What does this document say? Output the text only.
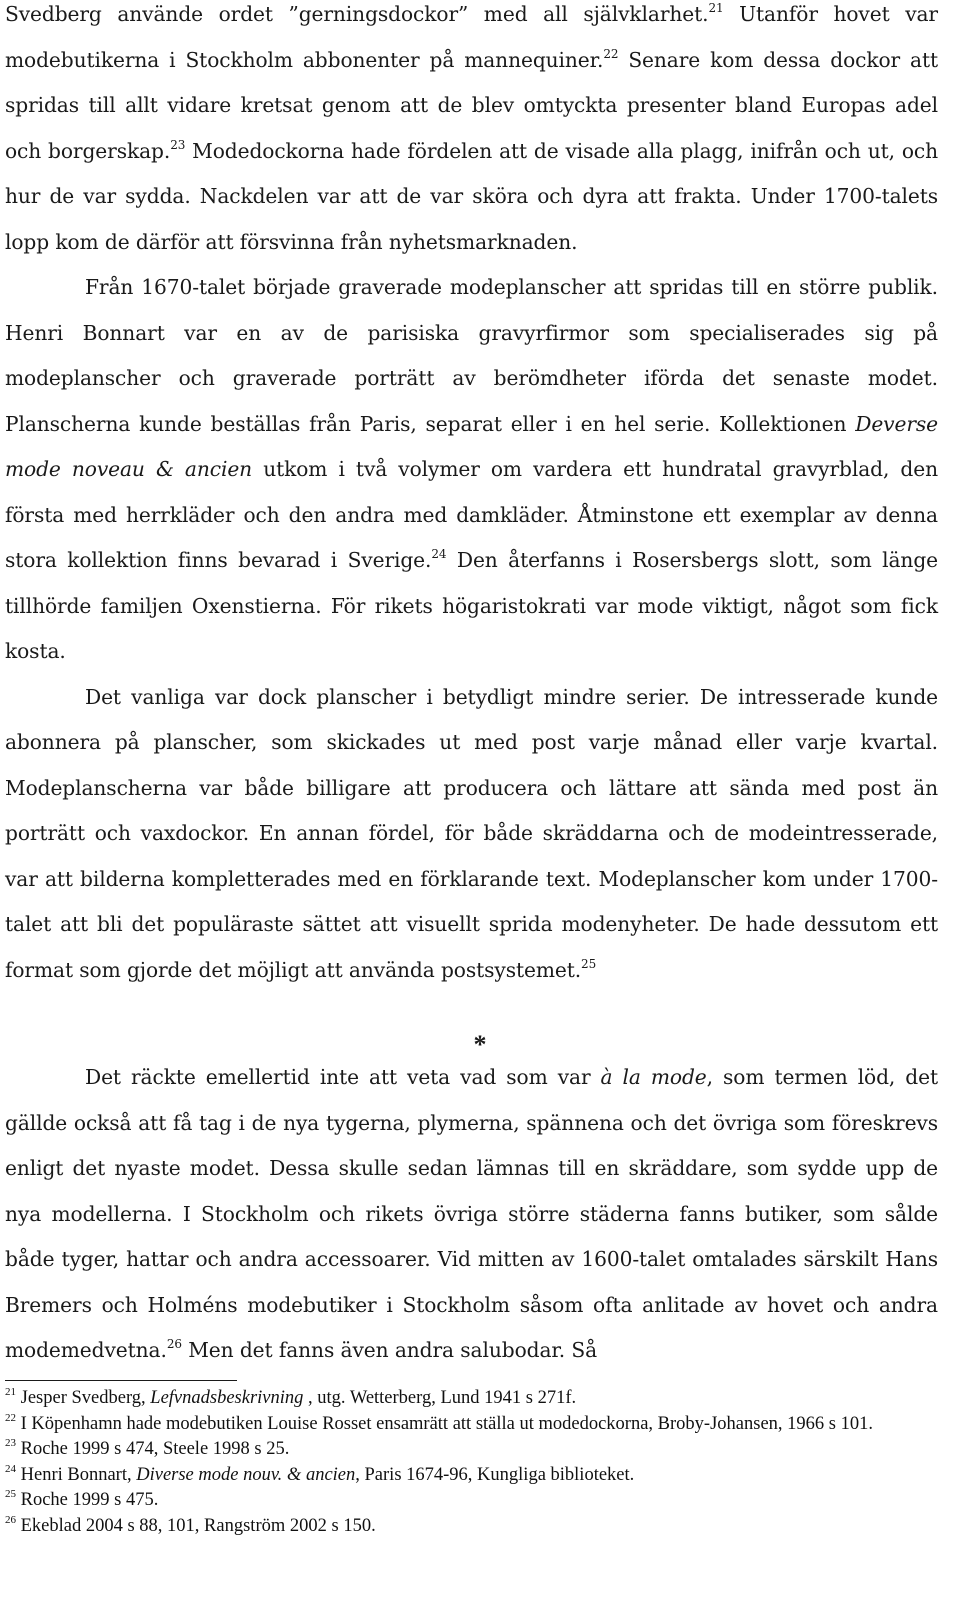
Svedberg använde ordet ”gerningsdockor” med all självklarhet.$^{21}$ Utanför hovet var modebutikerna i Stockholm abbonenter på mannequiner.$^{22}$ Senare kom dessa dockor att spridas till allt vidare kretsat genom att de blev omtyckta presenter bland Europas adel och borgerskap.$^{23}$ Modedockorna hade fördelen att de visade alla plagg, inifrån och ut, och hur de var sydda. Nackdelen var att de var sköra och dyra att frakta. Under 1700-talets lopp kom de därför att försvinna från nyhetsmarknaden.

Från 1670-talet började graverade modeplanscher att spridas till en större publik. Henri Bonnart var en av de parisiska gravyrfirmor som specialiserades sig på modeplanscher och graverade porträtt av berömdheter iförda det senaste modet. Planscherna kunde beställas från Paris, separat eller i en hel serie. Kollektionen Deverse mode noveau & ancien utkom i två volymer om vardera ett hundratal gravyrblad, den första med herrkläder och den andra med damkläder. Åtminstone ett exemplar av denna stora kollektion finns bevarad i Sverige.$^{24}$ Den återfanns i Rosersbergs slott, som länge tillhörde familjen Oxenstierna. För rikets högaristokrati var mode viktigt, något som fick kosta.

Det vanliga var dock planscher i betydligt mindre serier. De intresserade kunde abonnera på planscher, som skickades ut med post varje månad eller varje kvartal. Modeplanscherna var både billigare att producera och lättare att sända med post än porträtt och vaxdockor. En annan fördel, för både skräddarna och de modeintresserade, var att bilderna kompletterades med en förklarande text. Modeplanscher kom under 1700-talet att bli det populäraste sättet att visuellt sprida modenyheter. De hade dessutom ett format som gjorde det möjligt att använda postsystemet.$^{25}$

*

Det räckte emellertid inte att veta vad som var à la mode, som termen löd, det gällde också att få tag i de nya tygerna, plymerna, spännena och det övriga som föreskrevs enligt det nyaste modet. Dessa skulle sedan lämnas till en skräddare, som sydde upp de nya modellerna. I Stockholm och rikets övriga större städerna fanns butiker, som sålde både tyger, hattar och andra accessoarer. Vid mitten av 1600-talet omtalades särskilt Hans Bremers och Holméns modebutiker i Stockholm såsom ofta anlitade av hovet och andra modemedvetna.$^{26}$ Men det fanns även andra salubodar. Så

$^{21}$ Jesper Svedberg, Lefvnadsbeskrivning , utg. Wetterberg, Lund 1941 s 271f.

$^{22}$ I Köpenhamn hade modebutiken Louise Rosset ensamrätt att ställa ut modedockorna, Broby-Johansen, 1966 s 101.

$^{23}$ Roche 1999 s 474, Steele 1998 s 25.

$^{24}$ Henri Bonnart, Diverse mode nouv. & ancien, Paris 1674-96, Kungliga biblioteket.

$^{25}$ Roche 1999 s 475.

$^{26}$ Ekeblad 2004 s 88, 101, Rangström 2002 s 150.
